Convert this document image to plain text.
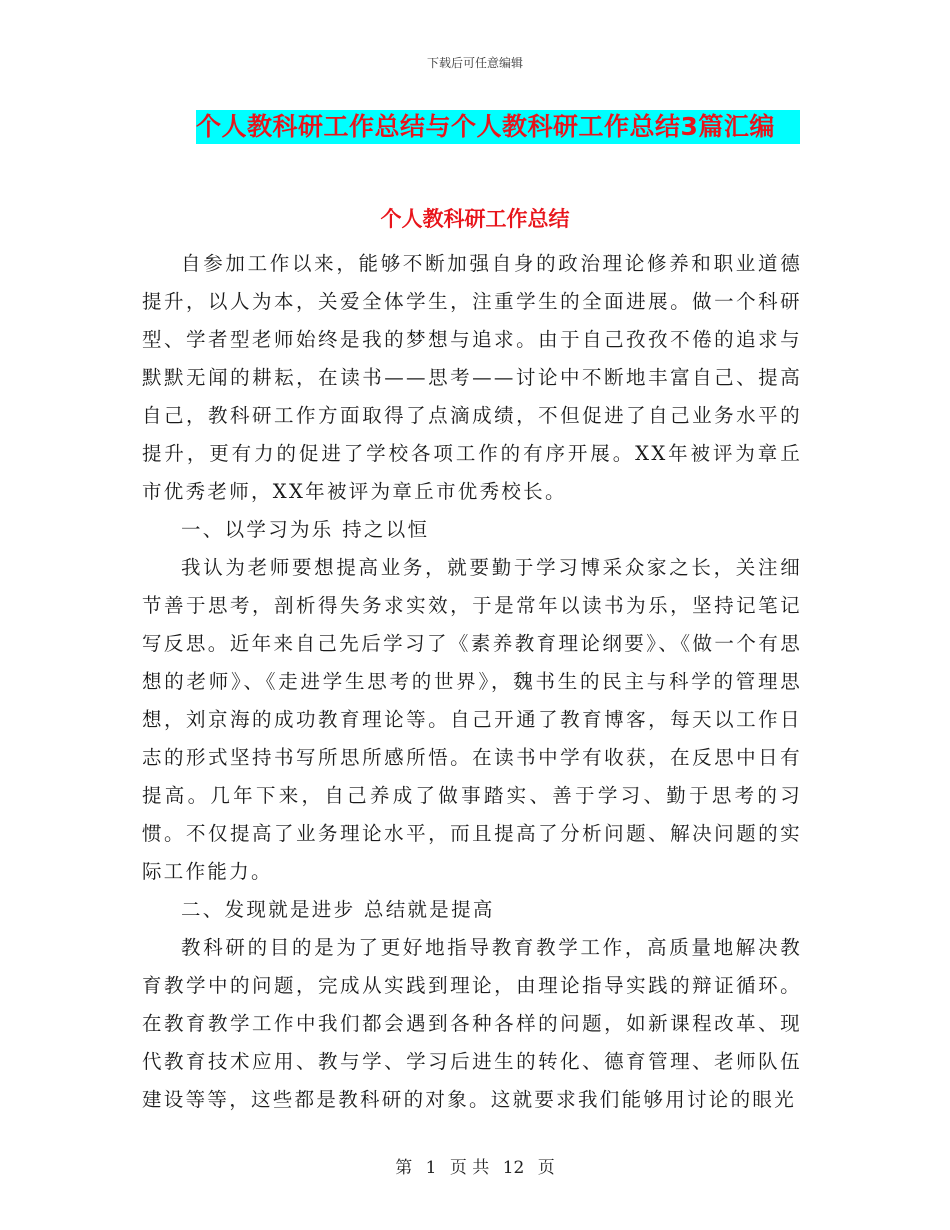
下载后可任意编辑
个人教科研工作总结与个人教科研工作总结3篇汇编
个人教科研工作总结

自参加工作以来，能够不断加强自身的政治理论修养和职业道德提升，以人为本，关爱全体学生，注重学生的全面进展。做一个科研型、学者型老师始终是我的梦想与追求。由于自己孜孜不倦的追求与默默无闻的耕耘，在读书——思考——讨论中不断地丰富自己、提高自己，教科研工作方面取得了点滴成绩，不但促进了自己业务水平的提升，更有力的促进了学校各项工作的有序开展。XX年被评为章丘市优秀老师，XX年被评为章丘市优秀校长。

一、以学习为乐 持之以恒

我认为老师要想提高业务，就要勤于学习博采众家之长，关注细节善于思考，剖析得失务求实效，于是常年以读书为乐，坚持记笔记写反思。近年来自己先后学习了《素养教育理论纲要》、《做一个有思想的老师》、《走进学生思考的世界》，魏书生的民主与科学的管理思想，刘京海的成功教育理论等。自己开通了教育博客，每天以工作日志的形式坚持书写所思所感所悟。在读书中学有收获，在反思中日有提高。几年下来，自己养成了做事踏实、善于学习、勤于思考的习惯。不仅提高了业务理论水平，而且提高了分析问题、解决问题的实际工作能力。

二、发现就是进步 总结就是提高

教科研的目的是为了更好地指导教育教学工作，高质量地解决教育教学中的问题，完成从实践到理论，由理论指导实践的辩证循环。在教育教学工作中我们都会遇到各种各样的问题，如新课程改革、现代教育技术应用、教与学、学习后进生的转化、德育管理、老师队伍建设等等，这些都是教科研的对象。这就要求我们能够用讨论的眼光

第 1 页 共 12 页
